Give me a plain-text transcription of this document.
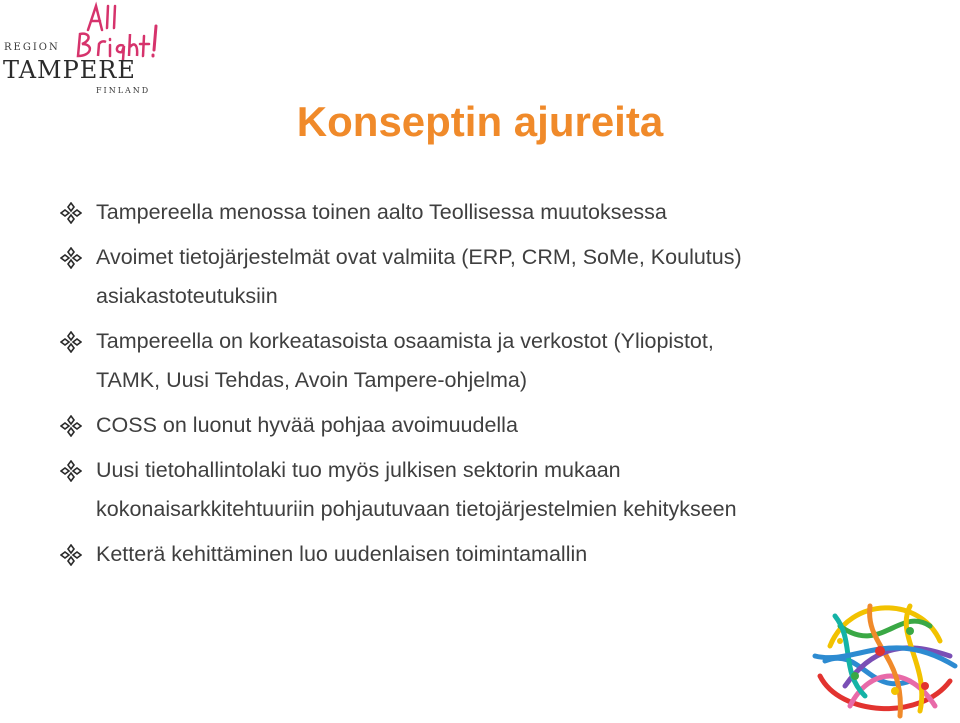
REGION
TAMPERE
FINLAND
Konseptin ajureita
Tampereella menossa toinen aalto Teollisessa muutoksessa
Avoimet tietojärjestelmät ovat valmiita (ERP, CRM, SoMe, Koulutus)
asiakastoteutuksiin
Tampereella on korkeatasoista osaamista ja verkostot (Yliopistot,
TAMK, Uusi Tehdas, Avoin Tampere-ohjelma)
COSS on luonut hyvää pohjaa avoimuudella
Uusi tietohallintolaki tuo myös julkisen sektorin mukaan
kokonaisarkkitehtuuriin pohjautuvaan tietojärjestelmien kehitykseen
Ketterä kehittäminen luo uudenlaisen toimintamallin
